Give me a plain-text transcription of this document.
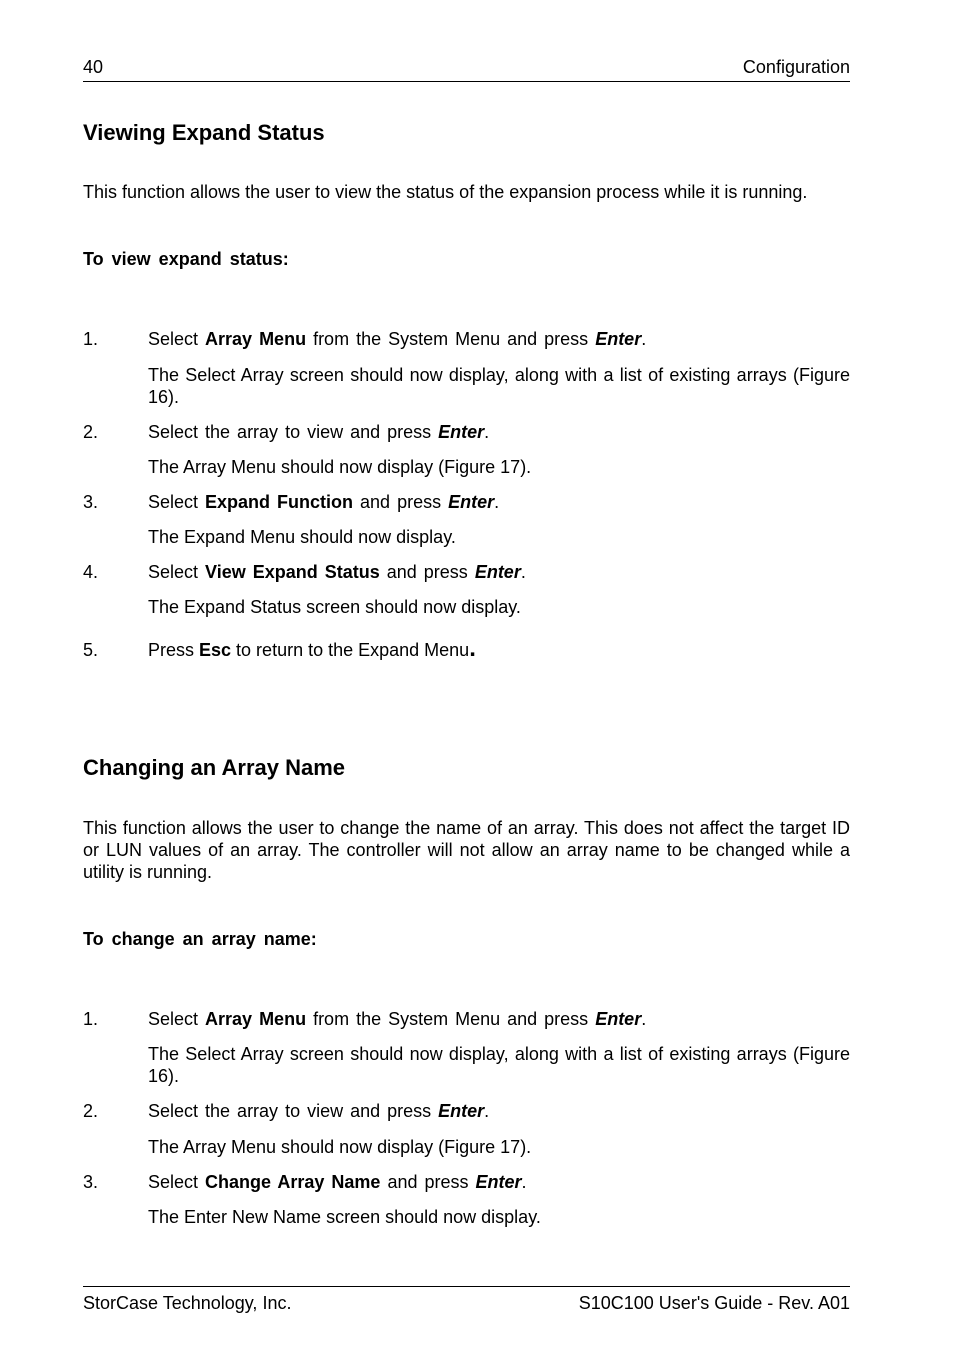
40	Configuration
Viewing Expand Status
This function allows the user to view the status of the expansion process while it is running.
To view expand status:
1.	Select Array Menu from the System Menu and press Enter.
The Select Array screen should now display, along with a list of existing arrays (Figure
16).
2.	Select the array to view and press Enter.
The Array Menu should now display (Figure 17).
3.	Select Expand Function and press Enter.
The Expand Menu should now display.
4.	Select View Expand Status and press Enter.
The Expand Status screen should now display.
5.	Press Esc to return to the Expand Menu.
Changing an Array Name
This function allows the user to change the name of an array. This does not affect the target ID or LUN values of an array. The controller will not allow an array name to be changed while a
utility is running.
To change an array name:
1.	Select Array Menu from the System Menu and press Enter.
The Select Array screen should now display, along with a list of existing arrays (Figure
16).
2.	Select the array to view and press Enter.
The Array Menu should now display (Figure 17).
3.	Select Change Array Name and press Enter.
The Enter New Name screen should now display.
StorCase Technology, Inc.	S10C100 User's Guide - Rev. A01
